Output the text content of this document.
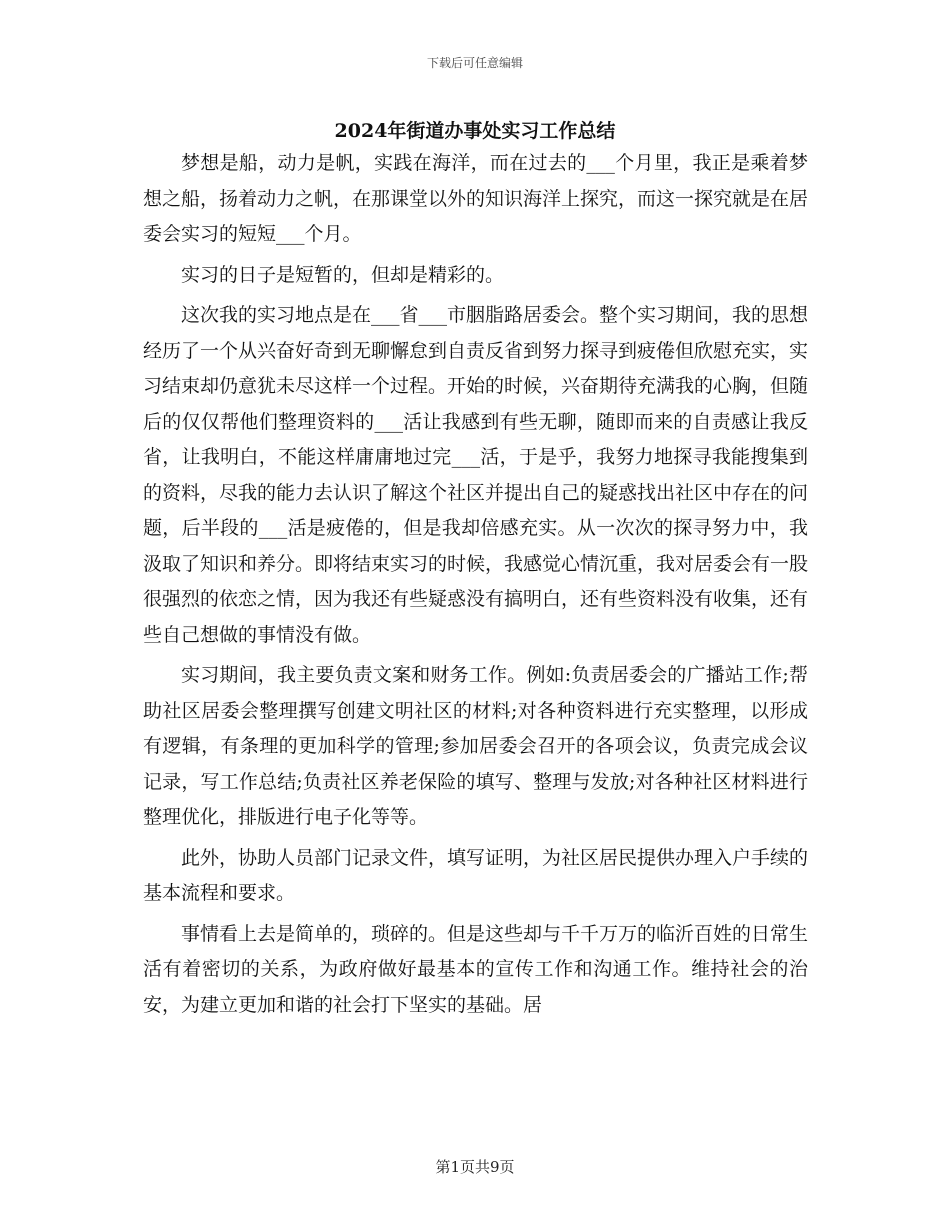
下载后可任意编辑
2024年街道办事处实习工作总结

梦想是船，动力是帆，实践在海洋，而在过去的___个月里，我正是乘着梦想之船，扬着动力之帆，在那课堂以外的知识海洋上探究，而这一探究就是在居委会实习的短短___个月。

实习的日子是短暂的，但却是精彩的。

这次我的实习地点是在___省___市胭脂路居委会。整个实习期间，我的思想经历了一个从兴奋好奇到无聊懈怠到自责反省到努力探寻到疲倦但欣慰充实，实习结束却仍意犹未尽这样一个过程。开始的时候，兴奋期待充满我的心胸，但随后的仅仅帮他们整理资料的___活让我感到有些无聊，随即而来的自责感让我反省，让我明白，不能这样庸庸地过完___活，于是乎，我努力地探寻我能搜集到的资料，尽我的能力去认识了解这个社区并提出自己的疑惑找出社区中存在的问题，后半段的___活是疲倦的，但是我却倍感充实。从一次次的探寻努力中，我汲取了知识和养分。即将结束实习的时候，我感觉心情沉重，我对居委会有一股很强烈的依恋之情，因为我还有些疑惑没有搞明白，还有些资料没有收集，还有些自己想做的事情没有做。

实习期间，我主要负责文案和财务工作。例如:负责居委会的广播站工作;帮助社区居委会整理撰写创建文明社区的材料;对各种资料进行充实整理，以形成有逻辑，有条理的更加科学的管理;参加居委会召开的各项会议，负责完成会议记录，写工作总结;负责社区养老保险的填写、整理与发放;对各种社区材料进行整理优化，排版进行电子化等等。

此外，协助人员部门记录文件，填写证明，为社区居民提供办理入户手续的基本流程和要求。

事情看上去是简单的，琐碎的。但是这些却与千千万万的临沂百姓的日常生活有着密切的关系，为政府做好最基本的宣传工作和沟通工作。维持社会的治安，为建立更加和谐的社会打下坚实的基础。居

第1页共9页
